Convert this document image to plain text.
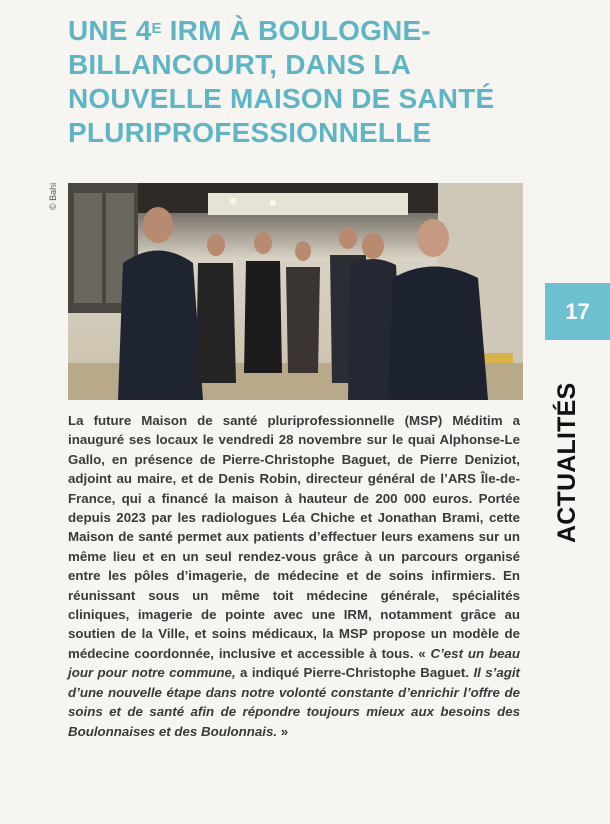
UNE $4^E$ IRM À BOULOGNE-
BILLANCOURT, DANS LA
NOUVELLE MAISON DE SANTÉ
PLURIPROFESSIONNELLE
© Bahi
17
ACTUALITÉS
La future Maison de santé pluriprofessionnelle (MSP) Méditim a inauguré ses locaux le vendredi 28 novembre sur le quai Alphonse-Le Gallo, en présence de Pierre-Christophe Baguet, de Pierre Deniziot, adjoint au maire, et de Denis Robin, directeur général de l’ARS Île-de-France, qui a financé la maison à hauteur de 200 000 euros. Portée depuis 2023 par les radiologues Léa Chiche et Jonathan Brami, cette Maison de santé permet aux patients d’effectuer leurs examens sur un même lieu et en un seul rendez-vous grâce à un parcours organisé entre les pôles d’imagerie, de médecine et de soins infirmiers. En réunissant sous un même toit médecine générale, spécialités cliniques, imagerie de pointe avec une IRM, notamment grâce au soutien de la Ville, et soins médicaux, la MSP propose un modèle de médecine coordonnée, inclusive et accessible à tous. « C’est un beau jour pour notre commune, a indiqué Pierre-Christophe Baguet. Il s’agit d’une nouvelle étape dans notre volonté constante d’enrichir l’offre de soins et de santé afin de répondre toujours mieux aux besoins des Boulonnaises et des Boulonnais. »
